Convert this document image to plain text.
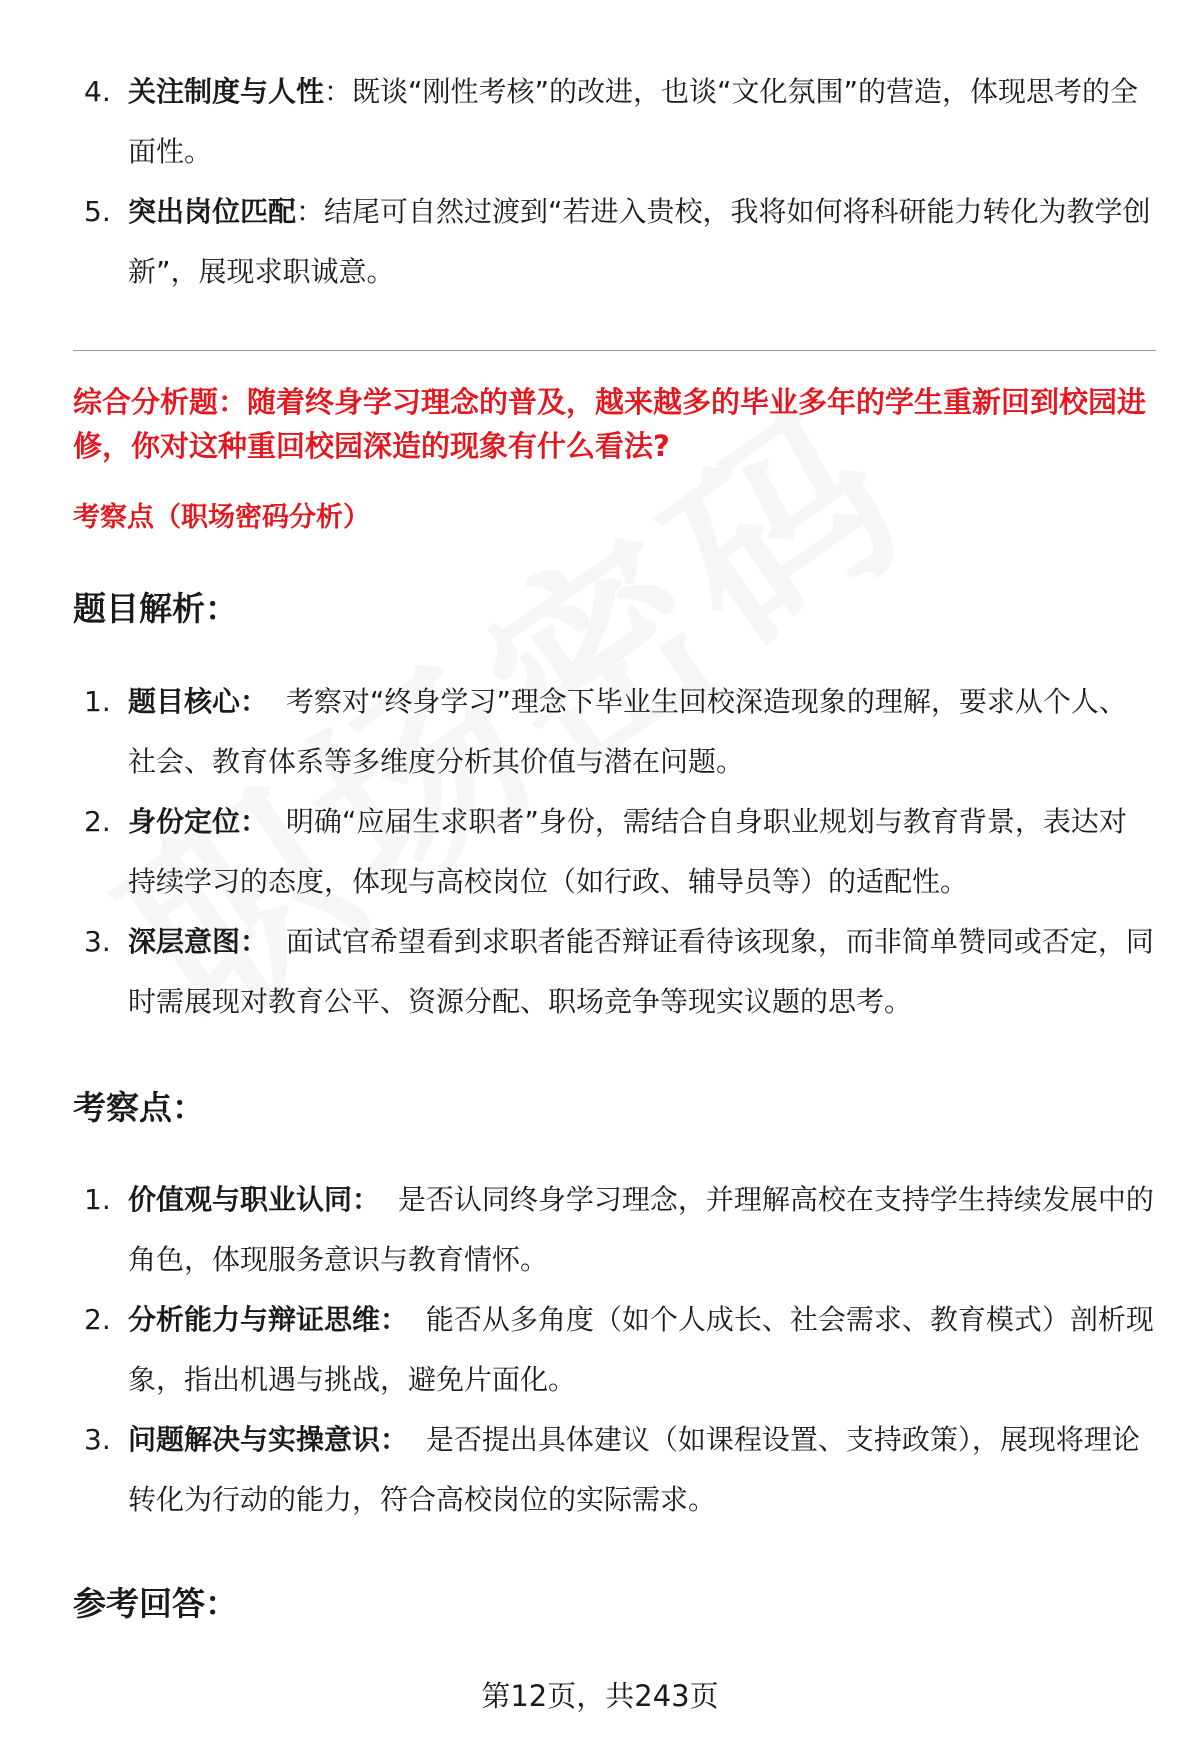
4. 关注制度与人性：既谈“刚性考核”的改进，也谈“文化氛围”的营造，体现思考的全面性。
5. 突出岗位匹配：结尾可自然过渡到“若进入贵校，我将如何将科研能力转化为教学创新”，展现求职诚意。
综合分析题：随着终身学习理念的普及，越来越多的毕业多年的学生重新回到校园进修，你对这种重回校园深造的现象有什么看法?
考察点（职场密码分析）
题目解析：
1. 题目核心： 考察对“终身学习”理念下毕业生回校深造现象的理解，要求从个人、社会、教育体系等多维度分析其价值与潜在问题。
2. 身份定位： 明确“应届生求职者”身份，需结合自身职业规划与教育背景，表达对持续学习的态度，体现与高校岗位（如行政、辅导员等）的适配性。
3. 深层意图： 面试官希望看到求职者能否辩证看待该现象，而非简单赞同或否定，同时需展现对教育公平、资源分配、职场竞争等现实议题的思考。
考察点：
1. 价值观与职业认同： 是否认同终身学习理念，并理解高校在支持学生持续发展中的角色，体现服务意识与教育情怀。
2. 分析能力与辩证思维： 能否从多角度（如个人成长、社会需求、教育模式）剖析现象，指出机遇与挑战，避免片面化。
3. 问题解决与实操意识： 是否提出具体建议（如课程设置、支持政策），展现将理论转化为行动的能力，符合高校岗位的实际需求。
参考回答：
第12页，共243页
